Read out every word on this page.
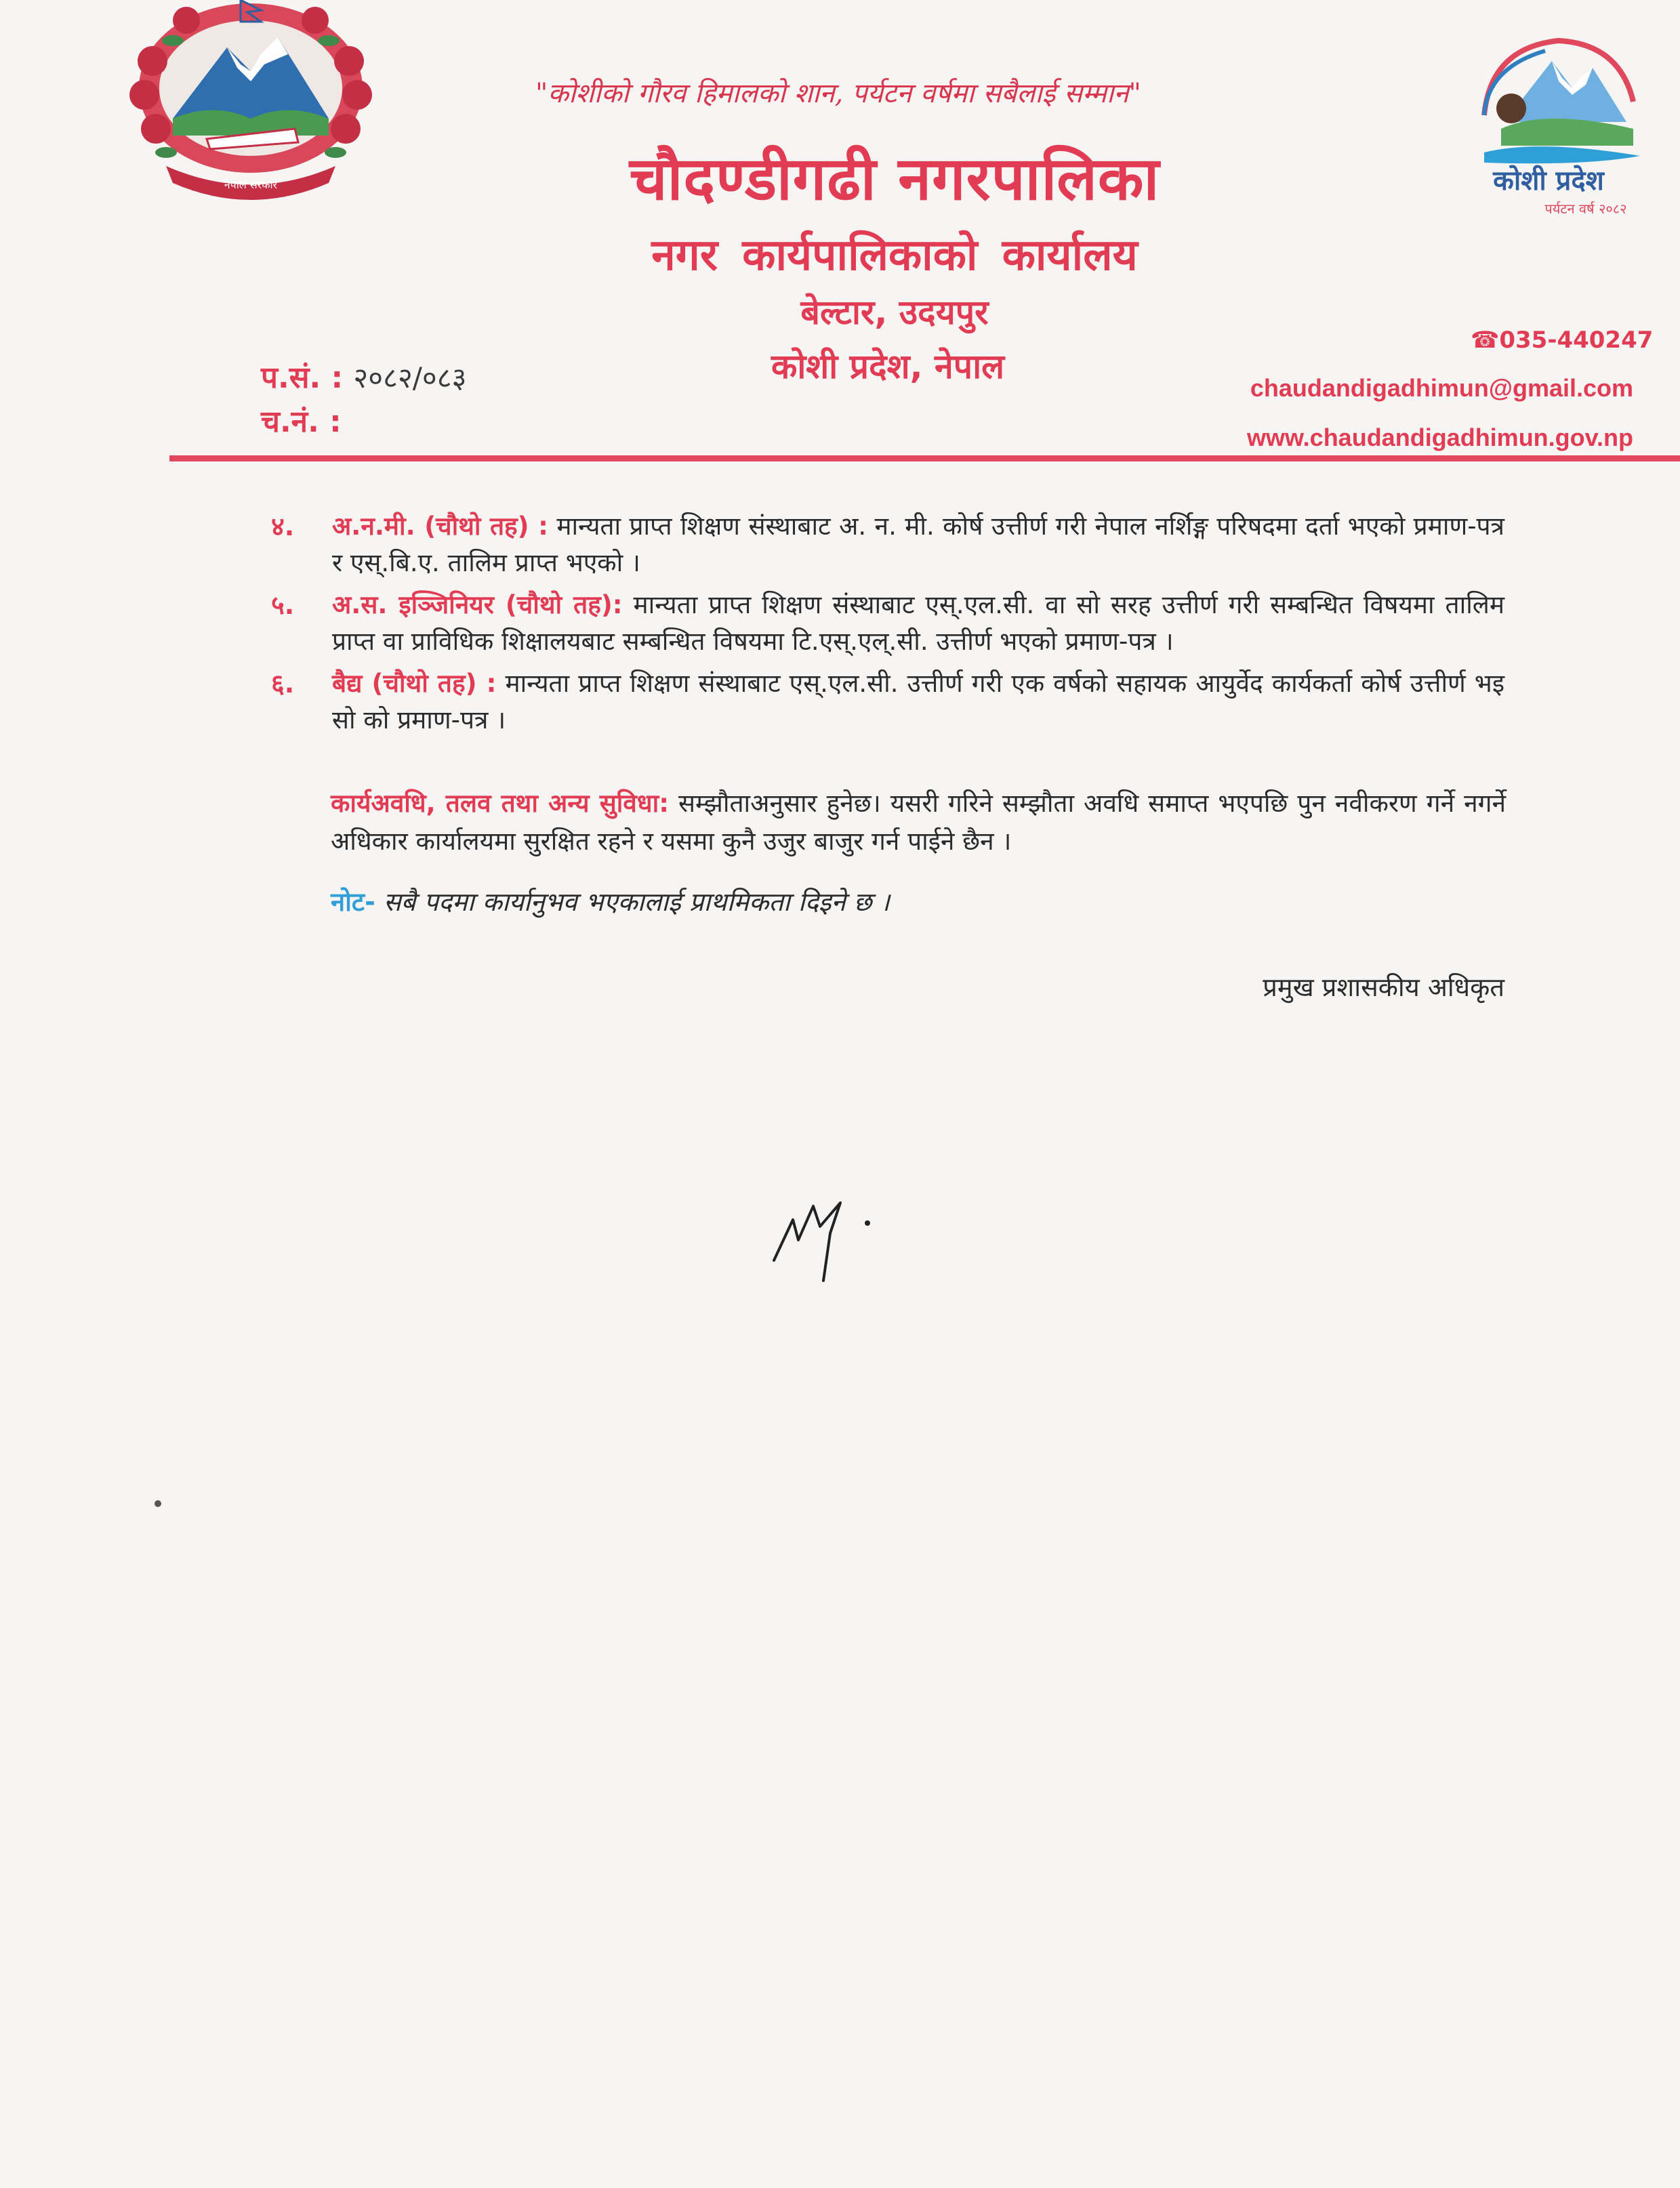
नेपाल सरकार
"कोशीको गौरव हिमालको शान, पर्यटन वर्षमा सबैलाई सम्मान"
चौदण्डीगढी नगरपालिका
नगर कार्यपालिकाको कार्यालय
बेल्टार, उदयपुर
कोशी प्रदेश, नेपाल
कोशी प्रदेश
पर्यटन वर्ष २०८२
प.सं. : २०८२/०८३
च.नं. :
☎035-440247
chaudandigadhimun@gmail.com
www.chaudandigadhimun.gov.np
४.	अ.न.मी. (चौथो तह) : मान्यता प्राप्त शिक्षण संस्थाबाट अ. न. मी. कोर्ष उत्तीर्ण गरी नेपाल नर्शिङ्ग परिषदमा दर्ता भएको प्रमाण-पत्र र एस्.बि.ए. तालिम प्राप्त भएको ।
५.	अ.स. इञ्जिनियर (चौथो तह): मान्यता प्राप्त शिक्षण संस्थाबाट एस्.एल.सी. वा सो सरह उत्तीर्ण गरी सम्बन्धित विषयमा तालिम प्राप्त वा प्राविधिक शिक्षालयबाट सम्बन्धित विषयमा टि.एस्.एल्.सी. उत्तीर्ण भएको प्रमाण-पत्र ।
६.	बैद्य (चौथो तह) : मान्यता प्राप्त शिक्षण संस्थाबाट एस्.एल.सी. उत्तीर्ण गरी एक वर्षको सहायक आयुर्वेद कार्यकर्ता कोर्ष उत्तीर्ण भइ सो को प्रमाण-पत्र ।
कार्यअवधि, तलव तथा अन्य सुविधा: सम्झौताअनुसार हुनेछ। यसरी गरिने सम्झौता अवधि समाप्त भएपछि पुन नवीकरण गर्ने नगर्ने अधिकार कार्यालयमा सुरक्षित रहने र यसमा कुनै उजुर बाजुर गर्न पाईने छैन ।
नोट- सबै पदमा कार्यानुभव भएकालाई प्राथमिकता दिइने छ ।
प्रमुख प्रशासकीय अधिकृत
